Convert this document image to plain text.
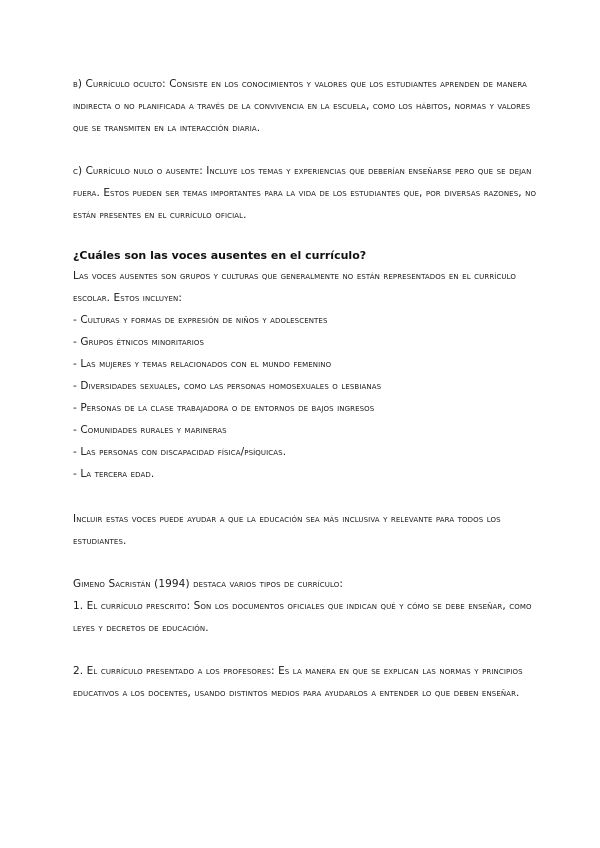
b) Currículo oculto: Consiste en los conocimientos y valores que los estudiantes aprenden de manera indirecta o no planificada a través de la convivencia en la escuela, como los hábitos, normas y valores que se transmiten en la interacción diaria.

c) Currículo nulo o ausente: Incluye los temas y experiencias que deberían enseñarse pero que se dejan fuera. Estos pueden ser temas importantes para la vida de los estudiantes que, por diversas razones, no están presentes en el currículo oficial.

¿Cuáles son las voces ausentes en el currículo?

Las voces ausentes son grupos y culturas que generalmente no están representados en el currículo escolar. Estos incluyen:

- Culturas y formas de expresión de niños y adolescentes
- Grupos étnicos minoritarios
- Las mujeres y temas relacionados con el mundo femenino
- Diversidades sexuales, como las personas homosexuales o lesbianas
- Personas de la clase trabajadora o de entornos de bajos ingresos
- Comunidades rurales y marineras
- Las personas con discapacidad física/psíquicas.
- La tercera edad.

Incluir estas voces puede ayudar a que la educación sea más inclusiva y relevante para todos los estudiantes.

Gimeno Sacristán (1994) destaca varios tipos de currículo:

1. El currículo prescrito: Son los documentos oficiales que indican qué y cómo se debe enseñar, como leyes y decretos de educación.

2. El currículo presentado a los profesores: Es la manera en que se explican las normas y principios educativos a los docentes, usando distintos medios para ayudarlos a entender lo que deben enseñar.
